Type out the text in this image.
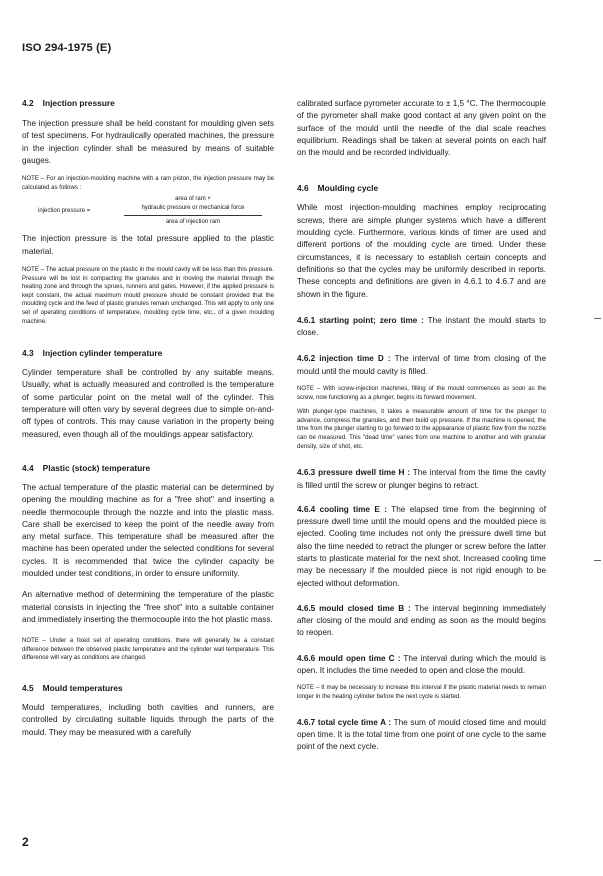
ISO 294-1975 (E)
4.2 Injection pressure

The injection pressure shall be held constant for moulding given sets of test specimens. For hydraulically operated machines, the pressure in the injection cylinder shall be measured by means of suitable gauges.

NOTE – For an injection-moulding machine with a ram piston, the injection pressure may be calculated as follows :
injection pressure =
area of ram ×
hydraulic pressure or mechanical force
area of injection ram

The injection pressure is the total pressure applied to the plastic material.

NOTE – The actual pressure on the plastic in the mould cavity will be less than this pressure. Pressure will be lost in compacting the granules and in moving the material through the heating zone and through the sprues, runners and gates. However, if the applied pressure is kept constant, the actual maximum mould pressure should be constant provided that the moulding cycle and the feed of plastic granules remain unchanged. This will apply to only one set of operating conditions of temperature, moulding cycle time, etc., of a given moulding machine.
4.3 Injection cylinder temperature

Cylinder temperature shall be controlled by any suitable means. Usually, what is actually measured and controlled is the temperature of some particular point on the metal wall of the cylinder. This temperature will often vary by several degrees due to simple on-and-off types of controls. This may cause variation in the property being measured, even though all of the mouldings appear satisfactory.

4.4 Plastic (stock) temperature

The actual temperature of the plastic material can be determined by opening the moulding machine as for a "free shot" and inserting a needle thermocouple through the nozzle and into the plastic mass. Care shall be exercised to keep the point of the needle away from any metal surface. This temperature shall be measured after the machine has been operated under the selected conditions for several cycles. It is recommended that twice the cylinder capacity be moulded under test conditions, in order to ensure uniformity.

An alternative method of determining the temperature of the plastic material consists in injecting the "free shot" into a suitable container and immediately inserting the thermocouple into the hot plastic mass.

NOTE – Under a fixed set of operating conditions, there will generally be a constant difference between the observed plastic temperature and the cylinder wall temperature. This difference will vary as conditions are changed.
4.5 Mould temperatures

Mould temperatures, including both cavities and runners, are controlled by circulating suitable liquids through the parts of the mould. They may be measured with a carefully

calibrated surface pyrometer accurate to ± 1,5 °C. The thermocouple of the pyrometer shall make good contact at any given point on the surface of the mould until the needle of the dial scale reaches equilibrium. Readings shall be taken at several points on each half on the mould and be recorded individually.

4.6 Moulding cycle

While most injection-moulding machines employ reciprocating screws, there are simple plunger systems which have a different moulding cycle. Furthermore, various kinds of timer are used and different portions of the moulding cycle are timed. Under these circumstances, it is necessary to establish certain concepts and definitions so that the cycles may be uniformly described in reports. These concepts and definitions are given in 4.6.1 to 4.6.7 and are shown in the figure.

4.6.1 starting point; zero time : The instant the mould starts to close.

4.6.2 injection time D : The interval of time from closing of the mould until the mould cavity is filled.

NOTE – With screw-injection machines, filling of the mould commences as soon as the screw, now functioning as a plunger, begins its forward movement.
With plunger-type machines, it takes a measurable amount of time for the plunger to advance, compress the granules, and then build up pressure. If the machine is opened, the time from the plunger starting to go forward to the appearance of plastic flow from the nozzle can be measured. This "dead time" varies from one machine to another and with granular density, size of shot, etc.

4.6.3 pressure dwell time H : The interval from the time the cavity is filled until the screw or plunger begins to retract.

4.6.4 cooling time E : The elapsed time from the beginning of pressure dwell time until the mould opens and the moulded piece is ejected. Cooling time includes not only the pressure dwell time but also the time needed to retract the plunger or screw before the latter starts to plasticate material for the next shot. Increased cooling time may be necessary if the moulded piece is not rigid enough to be ejected without deformation.

4.6.5 mould closed time B : The interval beginning immediately after closing of the mould and ending as soon as the mould begins to reopen.

4.6.6 mould open time C : The interval during which the mould is open. It includes the time needed to open and close the mould.

NOTE – It may be necessary to increase this interval if the plastic material needs to remain longer in the heating cylinder before the next cycle is started.

4.6.7 total cycle time A : The sum of mould closed time and mould open time. It is the total time from one point of one cycle to the same point of the next cycle.

2
